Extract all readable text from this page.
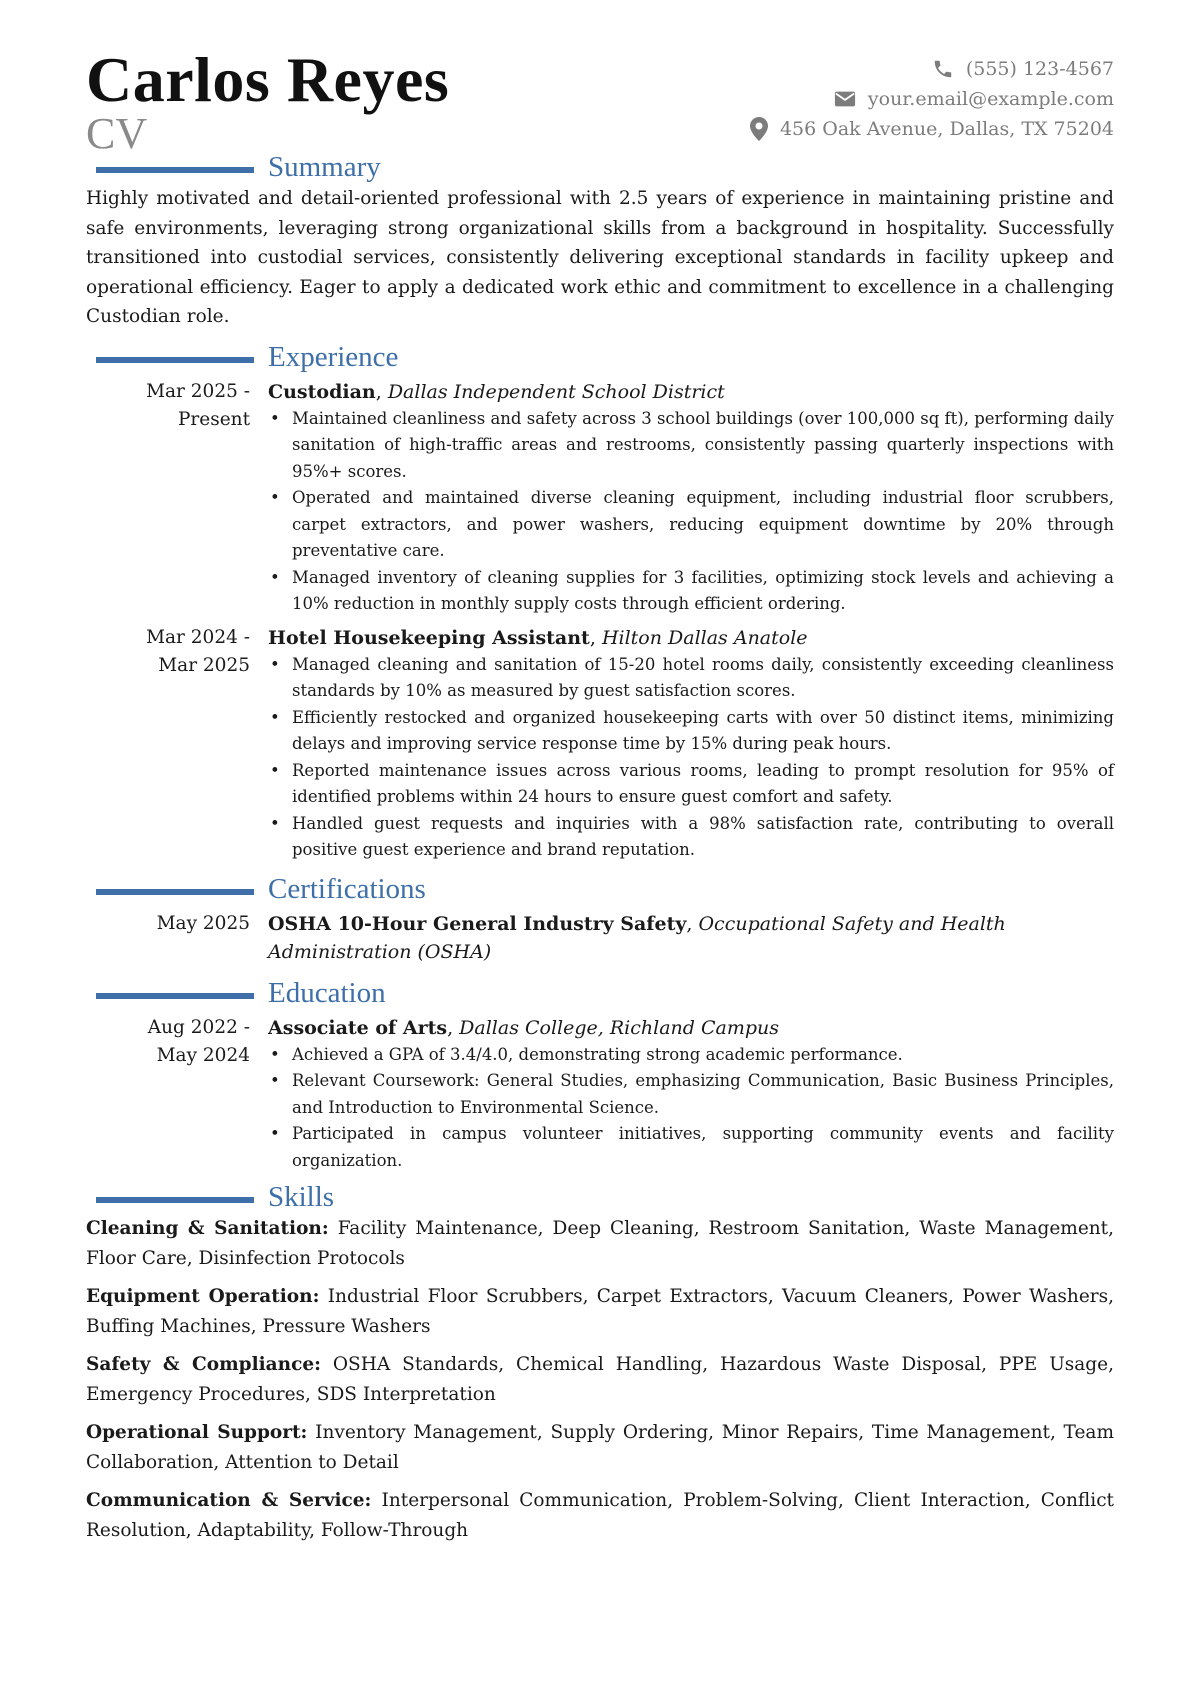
Carlos Reyes
CV
(555) 123-4567
your.email@example.com
456 Oak Avenue, Dallas, TX 75204
Summary

Highly motivated and detail-oriented professional with 2.5 years of experience in maintaining pristine and safe environments, leveraging strong organizational skills from a background in hospitality. Successfully transitioned into custodial services, consistently delivering exceptional standards in facility upkeep and operational efficiency. Eager to apply a dedicated work ethic and commitment to excellence in a challenging Custodian role.

Experience
Mar 2025 -
Present
Custodian, Dallas Independent School District
• Maintained cleanliness and safety across 3 school buildings (over 100,000 sq ft), performing daily sanitation of high-traffic areas and restrooms, consistently passing quarterly inspections with 95%+ scores.
• Operated and maintained diverse cleaning equipment, including industrial floor scrubbers, carpet extractors, and power washers, reducing equipment downtime by 20% through preventative care.
• Managed inventory of cleaning supplies for 3 facilities, optimizing stock levels and achieving a 10% reduction in monthly supply costs through efficient ordering.
Mar 2024 -
Mar 2025
Hotel Housekeeping Assistant, Hilton Dallas Anatole
• Managed cleaning and sanitation of 15-20 hotel rooms daily, consistently exceeding cleanliness standards by 10% as measured by guest satisfaction scores.
• Efficiently restocked and organized housekeeping carts with over 50 distinct items, minimizing delays and improving service response time by 15% during peak hours.
• Reported maintenance issues across various rooms, leading to prompt resolution for 95% of identified problems within 24 hours to ensure guest comfort and safety.
• Handled guest requests and inquiries with a 98% satisfaction rate, contributing to overall positive guest experience and brand reputation.
Certifications
May 2025 OSHA 10-Hour General Industry Safety, Occupational Safety and Health Administration (OSHA)
Education
Aug 2022 -
May 2024
Associate of Arts, Dallas College, Richland Campus
• Achieved a GPA of 3.4/4.0, demonstrating strong academic performance.
• Relevant Coursework: General Studies, emphasizing Communication, Basic Business Principles, and Introduction to Environmental Science.
• Participated in campus volunteer initiatives, supporting community events and facility organization.
Skills

Cleaning & Sanitation: Facility Maintenance, Deep Cleaning, Restroom Sanitation, Waste Management, Floor Care, Disinfection Protocols

Equipment Operation: Industrial Floor Scrubbers, Carpet Extractors, Vacuum Cleaners, Power Washers, Buffing Machines, Pressure Washers

Safety & Compliance: OSHA Standards, Chemical Handling, Hazardous Waste Disposal, PPE Usage, Emergency Procedures, SDS Interpretation

Operational Support: Inventory Management, Supply Ordering, Minor Repairs, Time Management, Team Collaboration, Attention to Detail

Communication & Service: Interpersonal Communication, Problem-Solving, Client Interaction, Conflict Resolution, Adaptability, Follow-Through
